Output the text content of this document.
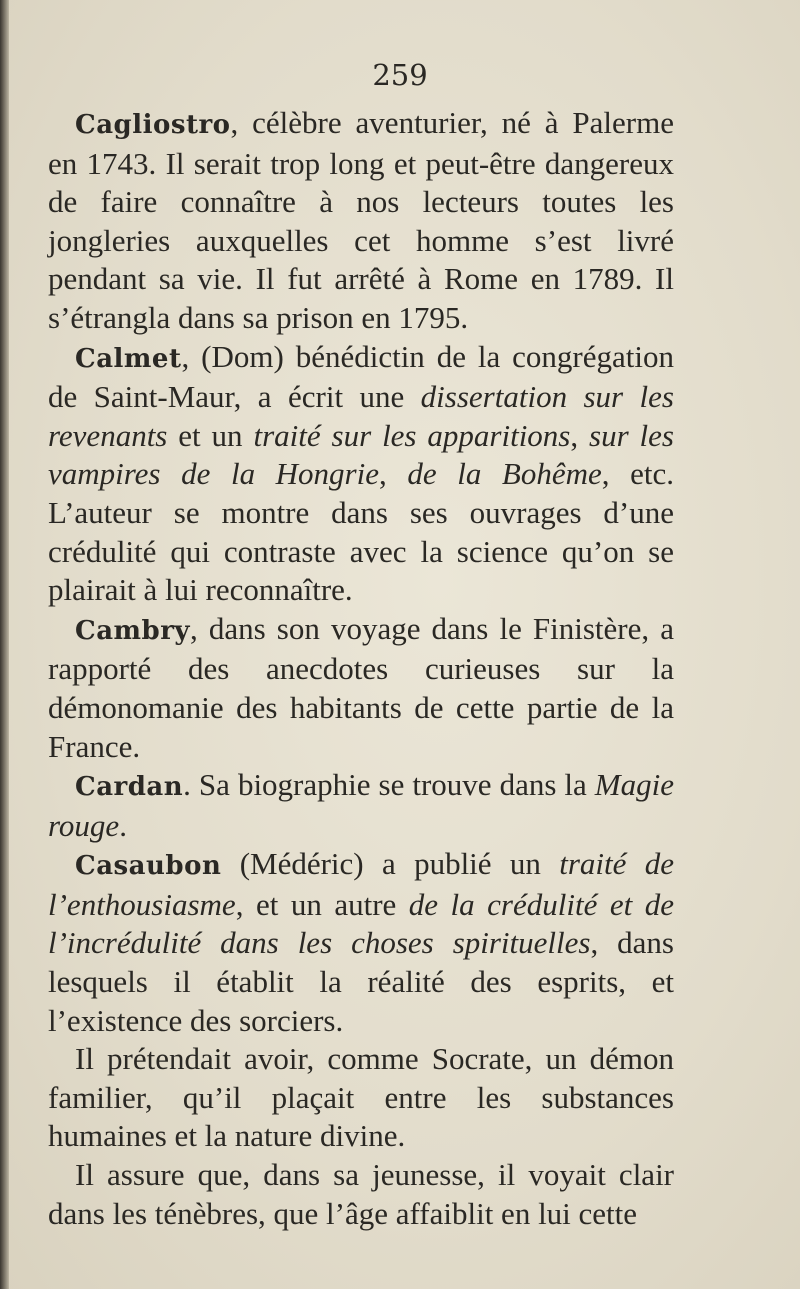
259

Cagliostro, célèbre aventurier, né à Palerme en 1743. Il serait trop long et peut-être dangereux de faire connaître à nos lecteurs toutes les jongleries auxquelles cet homme s’est livré pendant sa vie. Il fut arrêté à Rome en 1789. Il s’étrangla dans sa prison en 1795.

Calmet, (Dom) bénédictin de la congrégation de Saint-Maur, a écrit une dissertation sur les revenants et un traité sur les apparitions, sur les vampires de la Hongrie, de la Bohême, etc. L’auteur se montre dans ses ouvrages d’une crédulité qui contraste avec la science qu’on se plairait à lui reconnaître.

Cambry, dans son voyage dans le Finistère, a rapporté des anecdotes curieuses sur la démonomanie des habitants de cette partie de la France.

Cardan. Sa biographie se trouve dans la Magie rouge.

Casaubon (Médéric) a publié un traité de l’enthousiasme, et un autre de la crédulité et de l’incrédulité dans les choses spirituelles, dans lesquels il établit la réalité des esprits, et l’existence des sorciers.

Il prétendait avoir, comme Socrate, un démon familier, qu’il plaçait entre les substances humaines et la nature divine.

Il assure que, dans sa jeunesse, il voyait clair dans les ténèbres, que l’âge affaiblit en lui cette
